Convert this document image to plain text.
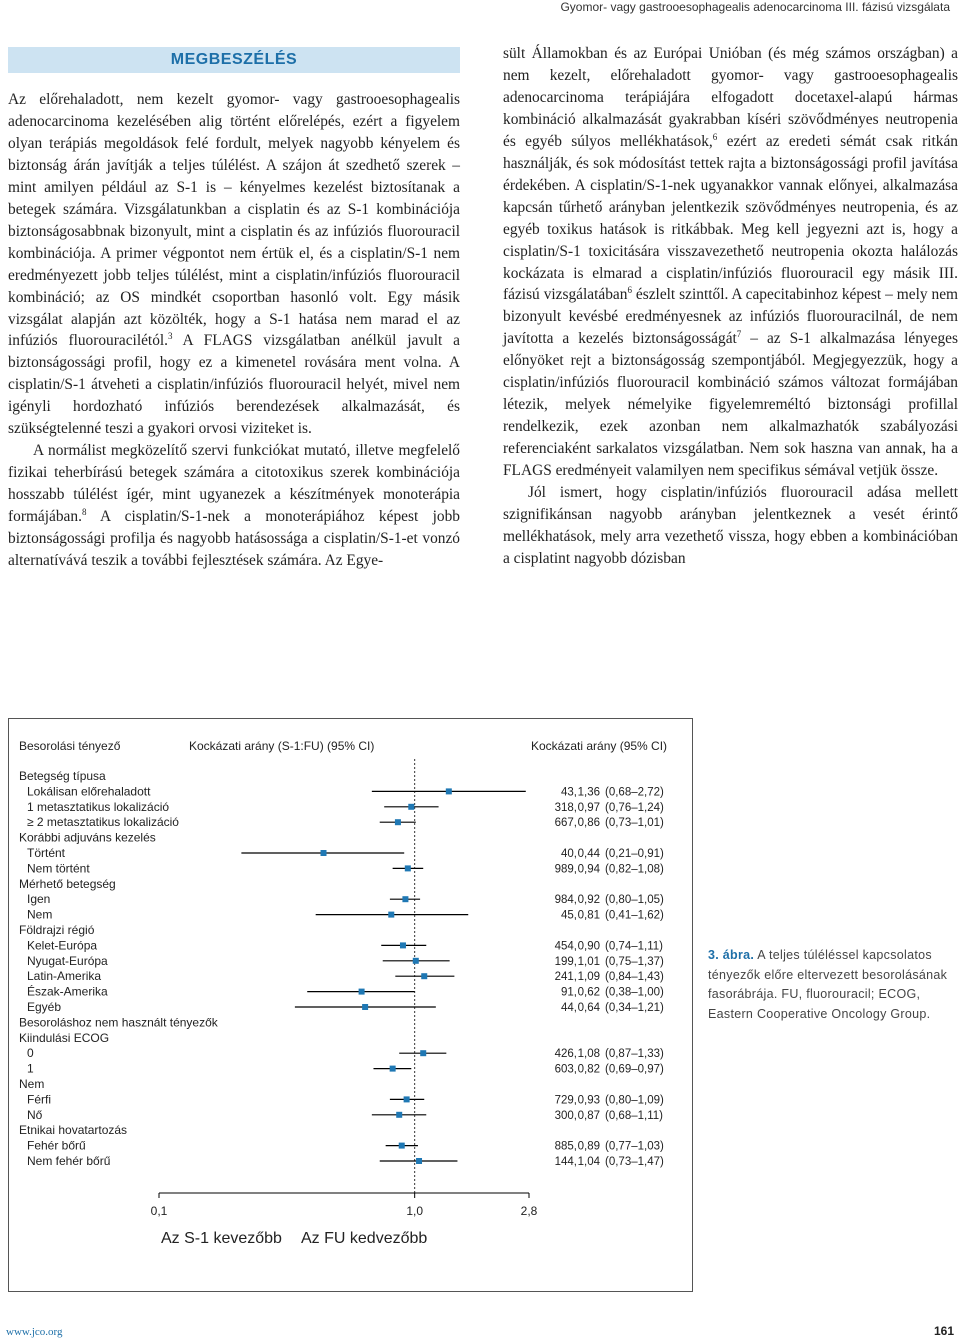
Gyomor- vagy gastrooesophagealis adenocarcinoma III. fázisú vizsgálata
MEGBESZÉLÉS

Az előrehaladott, nem kezelt gyomor- vagy gastrooesophagealis adenocarcinoma kezelésében alig történt előrelépés, ezért a figyelem olyan terápiás megoldások felé fordult, melyek nagyobb kényelem és biztonság árán javítják a teljes túlélést. A szájon át szedhető szerek – mint amilyen például az S-1 is – kényelmes kezelést biztosítanak a betegek számára. Vizsgálatunkban a cisplatin és az S-1 kombinációja biztonságosabbnak bizonyult, mint a cisplatin és az infúziós fluorouracil kombinációja. A primer végpontot nem értük el, és a cisplatin/S-1 nem eredményezett jobb teljes túlélést, mint a cisplatin/infúziós fluorouracil kombináció; az OS mindkét csoportban hasonló volt. Egy másik vizsgálat alapján azt közölték, hogy a S-1 hatása nem marad el az infúziós fluorouracilétól.$^3$ A FLAGS vizsgálatban anélkül javult a biztonságossági profil, hogy ez a kimenetel rovására ment volna. A cisplatin/S-1 átveheti a cisplatin/infúziós fluorouracil helyét, mivel nem igényli hordozható infúziós berendezések alkalmazását, és szükségtelenné teszi a gyakori orvosi viziteket is.

A normálist megközelítő szervi funkciókat mutató, illetve megfelelő fizikai teherbírású betegek számára a citotoxikus szerek kombinációja hosszabb túlélést ígér, mint ugyanezek a készítmények monoterápia formájában.$^8$ A cisplatin/S-1-nek a monoterápiához képest jobb biztonságossági profilja és nagyobb hatásossága a cisplatin/S-1-et vonzó alternatívává teszik a további fejlesztések számára. Az Egye-

sült Államokban és az Európai Unióban (és még számos országban) a nem kezelt, előrehaladott gyomor- vagy gastrooesophagealis adenocarcinoma terápiájára elfogadott docetaxel-alapú hármas kombináció alkalmazását gyakrabban kíséri szövődményes neutropenia és egyéb súlyos mellékhatások,$^6$ ezért az eredeti sémát csak ritkán használják, és sok módosítást tettek rajta a biztonságossági profil javítása érdekében. A cisplatin/S-1-nek ugyanakkor vannak előnyei, alkalmazása kapcsán tűrhető arányban jelentkezik szövődményes neutropenia, és az egyéb toxikus hatások is ritkábbak. Meg kell jegyezni azt is, hogy a cisplatin/S-1 toxicitására visszavezethető neutropenia okozta halálozás kockázata is elmarad a cisplatin/infúziós fluorouracil egy másik III. fázisú vizsgálatában$^6$ észlelt szinttől. A capecitabinhoz képest – mely nem bizonyult kevésbé eredményesnek az infúziós fluorouracilnál, de nem javította a kezelés biztonságosságát$^7$ – az S-1 alkalmazása lényeges előnyöket rejt a biztonságosság szempontjából. Megjegyezzük, hogy a cisplatin/infúziós fluorouracil kombináció számos változat formájában létezik, melyek némelyike figyelemreméltó biztonsági profillal rendelkezik, ezek azonban nem alkalmazhatók szabályozási referenciaként sarkalatos vizsgálatban. Nem sok haszna van annak, ha a FLAGS eredményeit valamilyen nem specifikus sémával vetjük össze.

Jól ismert, hogy cisplatin/infúziós fluorouracil adása mellett szignifikánsan nagyobb arányban jelentkeznek a vesét érintő mellékhatások, mely arra vezethető vissza, hogy ebben a kombinációban a cisplatint nagyobb dózisban

Besorolási tényező	Kockázati arány (S-1:FU) (95% CI)	Kockázati arány (95% CI)
Betegség típusa
Lokálisan előrehaladott	43, 1,36 (0,68–2,72)
1 metasztatikus lokalizáció	318, 0,97 (0,76–1,24)
≥ 2 metasztatikus lokalizáció	667, 0,86 (0,73–1,01)
Korábbi adjuváns kezelés
Történt	40, 0,44 (0,21–0,91)
Nem történt	989, 0,94 (0,82–1,08)
Mérhető betegség
Igen	984, 0,92 (0,80–1,05)
Nem	45, 0,81 (0,41–1,62)
Földrajzi régió
Kelet-Európa	454, 0,90 (0,74–1,11)
Nyugat-Európa	199, 1,01 (0,75–1,37)
Latin-Amerika	241, 1,09 (0,84–1,43)
Észak-Amerika	91, 0,62 (0,38–1,00)
Egyéb	44, 0,64 (0,34–1,21)
Besoroláshoz nem használt tényezők
Kiindulási ECOG
0	426, 1,08 (0,87–1,33)
1	603, 0,82 (0,69–0,97)
Nem
Férfi	729, 0,93 (0,80–1,09)
Nő	300, 0,87 (0,68–1,11)
Etnikai hovatartozás
Fehér bőrű	885, 0,89 (0,77–1,03)
Nem fehér bőrű	144, 1,04 (0,73–1,47)
0,1	1,0	2,8
Az S-1 kevezőbb Az FU kedvezőbb
3. ábra. A teljes túléléssel kapcsolatos tényezők előre eltervezett besorolásának fasorábrája. FU, fluorouracil; ECOG, Eastern Cooperative Oncology Group.
www.jco.org	161
